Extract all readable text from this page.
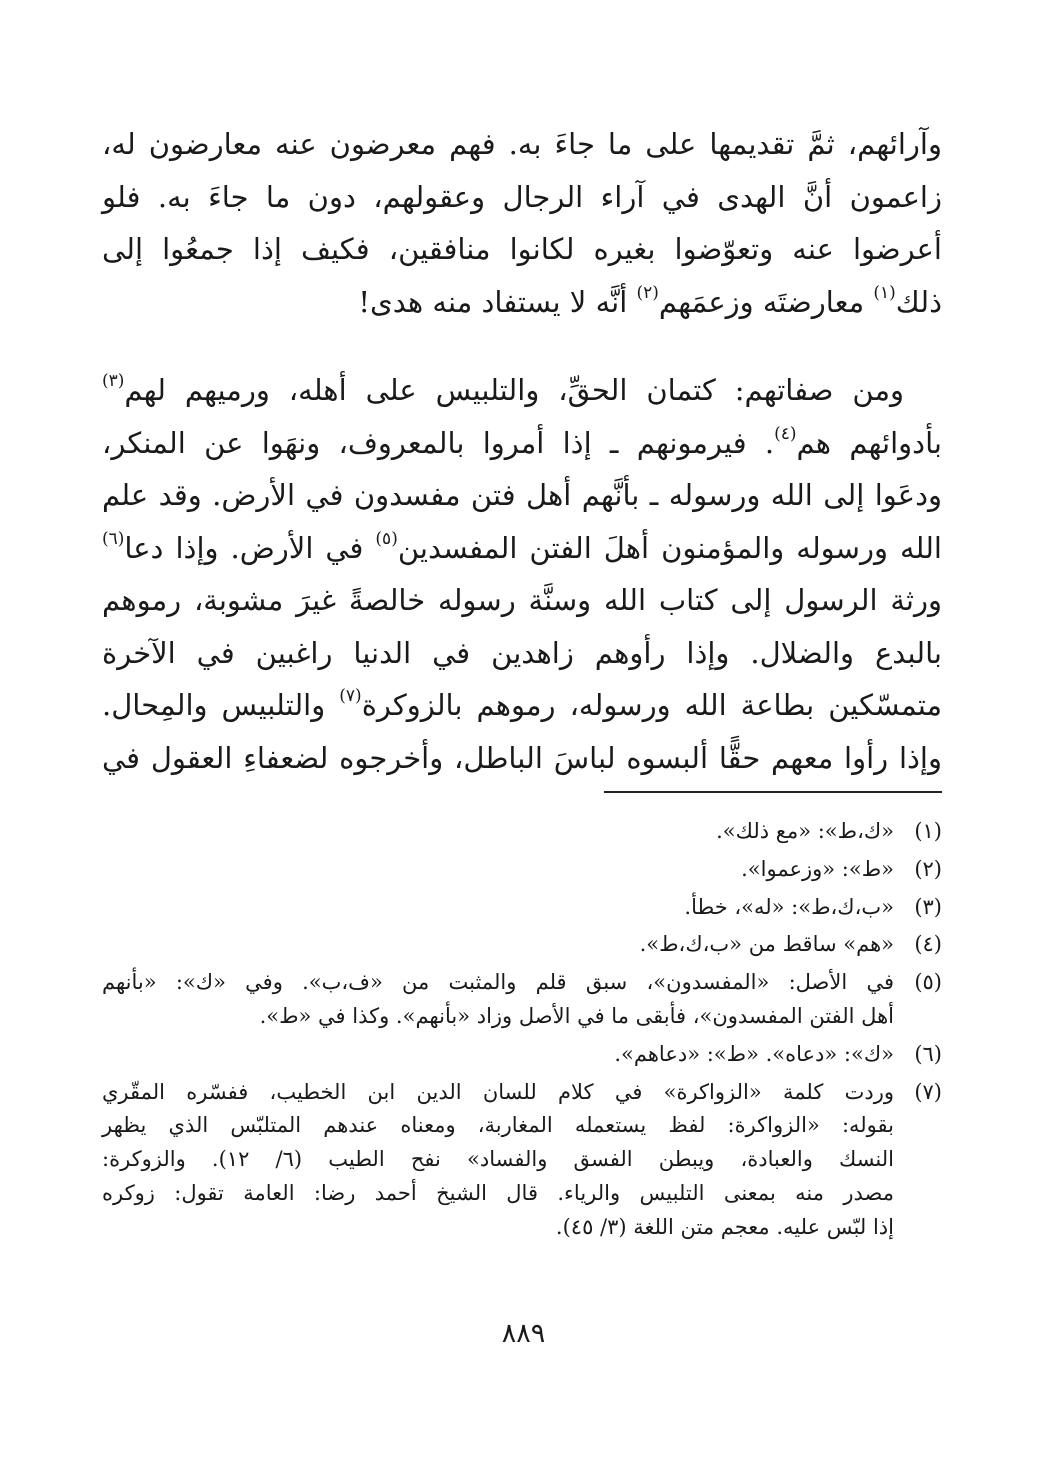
وآرائهم، ثمَّ تقديمها على ما جاءَ به. فهم معرضون عنه معارضون له،
زاعمون أنَّ الهدى في آراء الرجال وعقولهم، دون ما جاءَ به. فلو
أعرضوا عنه وتعوّضوا بغيره لكانوا منافقين، فكيف إذا جمعُوا إلى
ذلك$^{(١)}$ معارضتَه وزعمَهم$^{(٢)}$ أنَّه لا يستفاد منه هدى!

ومن صفاتهم: كتمان الحقِّ، والتلبيس على أهله، ورميهم لهم$^{(٣)}$
بأدوائهم هم$^{(٤)}$. فيرمونهم ـ إذا أمروا بالمعروف، ونهَوا عن المنكر،
ودعَوا إلى الله ورسوله ـ بأنَّهم أهل فتن مفسدون في الأرض. وقد علم
الله ورسوله والمؤمنون أهلَ الفتن المفسدين$^{(٥)}$ في الأرض. وإذا دعا$^{(٦)}$
ورثة الرسول إلى كتاب الله وسنَّة رسوله خالصةً غيرَ مشوبة، رموهم
بالبدع والضلال. وإذا رأوهم زاهدين في الدنيا راغبين في الآخرة
متمسّكين بطاعة الله ورسوله، رموهم بالزوكرة$^{(٧)}$ والتلبيس والمِحال.
وإذا رأوا معهم حقًّا ألبسوه لباسَ الباطل، وأخرجوه لضعفاءِ العقول في

(١)
«ك،ط»: «مع ذلك».
(٢)
«ط»: «وزعموا».
(٣)
«ب،ك،ط»: «له»، خطأ.
(٤)
«هم» ساقط من «ب،ك،ط».
(٥)
في الأصل: «المفسدون»، سبق قلم والمثبت من «ف،ب». وفي «ك»: «بأنهم
أهل الفتن المفسدون»، فأبقى ما في الأصل وزاد «بأنهم». وكذا في «ط».
(٦)
«ك»: «دعاه». «ط»: «دعاهم».
(٧)
وردت كلمة «الزواكرة» في كلام للسان الدين ابن الخطيب، ففسّره المقّري
بقوله: «الزواكرة: لفظ يستعمله المغاربة، ومعناه عندهم المتلبّس الذي يظهر
النسك والعبادة، ويبطن الفسق والفساد» نفح الطيب (٦/ ١٢). والزوكرة:
مصدر منه بمعنى التلبيس والرياء. قال الشيخ أحمد رضا: العامة تقول: زوكره
إذا لبّس عليه. معجم متن اللغة (٣/ ٤٥).
٨٨٩
